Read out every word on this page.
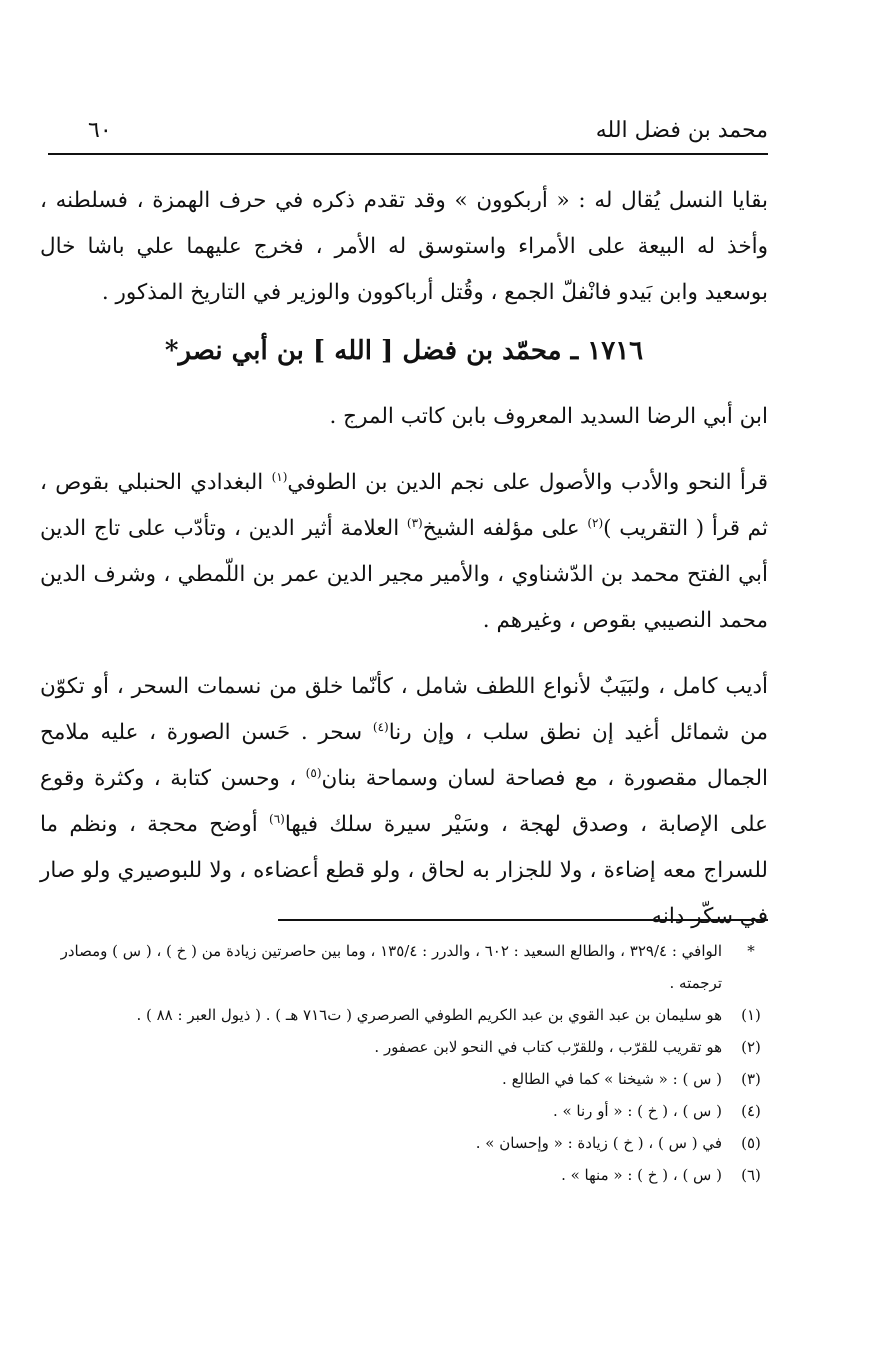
محمد بن فضل الله
٦٠

بقايا النسل يُقال له : « أربكوون » وقد تقدم ذكره في حرف الهمزة ، فسلطنه ، وأخذ له البيعة على الأمراء واستوسق له الأمر ، فخرج عليهما علي باشا خال بوسعيد وابن بَيدو فانْفلّ الجمع ، وقُتل أرباكوون والوزير في التاريخ المذكور .

١٧١٦ ـ محمّد بن فضل [ الله ] بن أبي نصر*

ابن أبي الرضا السديد المعروف بابن كاتب المرج .

قرأ النحو والأدب والأصول على نجم الدين بن الطوفي$^{(١)}$ البغدادي الحنبلي بقوص ، ثم قرأ ( التقريب )$^{(٢)}$ على مؤلفه الشيخ$^{(٣)}$ العلامة أثير الدين ، وتأدّب على تاج الدين أبي الفتح محمد بن الدّشناوي ، والأمير مجير الدين عمر بن اللّمطي ، وشرف الدين محمد النصيبي بقوص ، وغيرهم .

أديب كامل ، ولبَيَبٌ لأنواع اللطف شامل ، كأنّما خلق من نسمات السحر ، أو تكوّن من شمائل أغيد إن نطق سلب ، وإن رنا$^{(٤)}$ سحر . حَسن الصورة ، عليه ملامح الجمال مقصورة ، مع فصاحة لسان وسماحة بنان$^{(٥)}$ ، وحسن كتابة ، وكثرة وقوع على الإصابة ، وصدق لهجة ، وسَيْر سيرة سلك فيها$^{(٦)}$ أوضح محجة ، ونظم ما للسراج معه إضاءة ، ولا للجزار به لحاق ، ولو قطع أعضاءه ، ولا للبوصيري ولو صار في سكّر دانه

*
الوافي : ٣٢٩/٤ ، والطالع السعيد : ٦٠٢ ، والدرر : ١٣٥/٤ ، وما بين حاصرتين زيادة من ( خ ) ، ( س ) ومصادر ترجمته .
(١)
هو سليمان بن عبد القوي بن عبد الكريم الطوفي الصرصري ( ت٧١٦ هـ ) . ( ذيول العبر : ٨٨ ) .
(٢)
هو تقريب للقرّب ، وللقرّب كتاب في النحو لابن عصفور .
(٣)
( س ) : « شيخنا » كما في الطالع .
(٤)
( س ) ، ( خ ) : « أو رنا » .
(٥)
في ( س ) ، ( خ ) زيادة : « وإحسان » .
(٦)
( س ) ، ( خ ) : « منها » .
